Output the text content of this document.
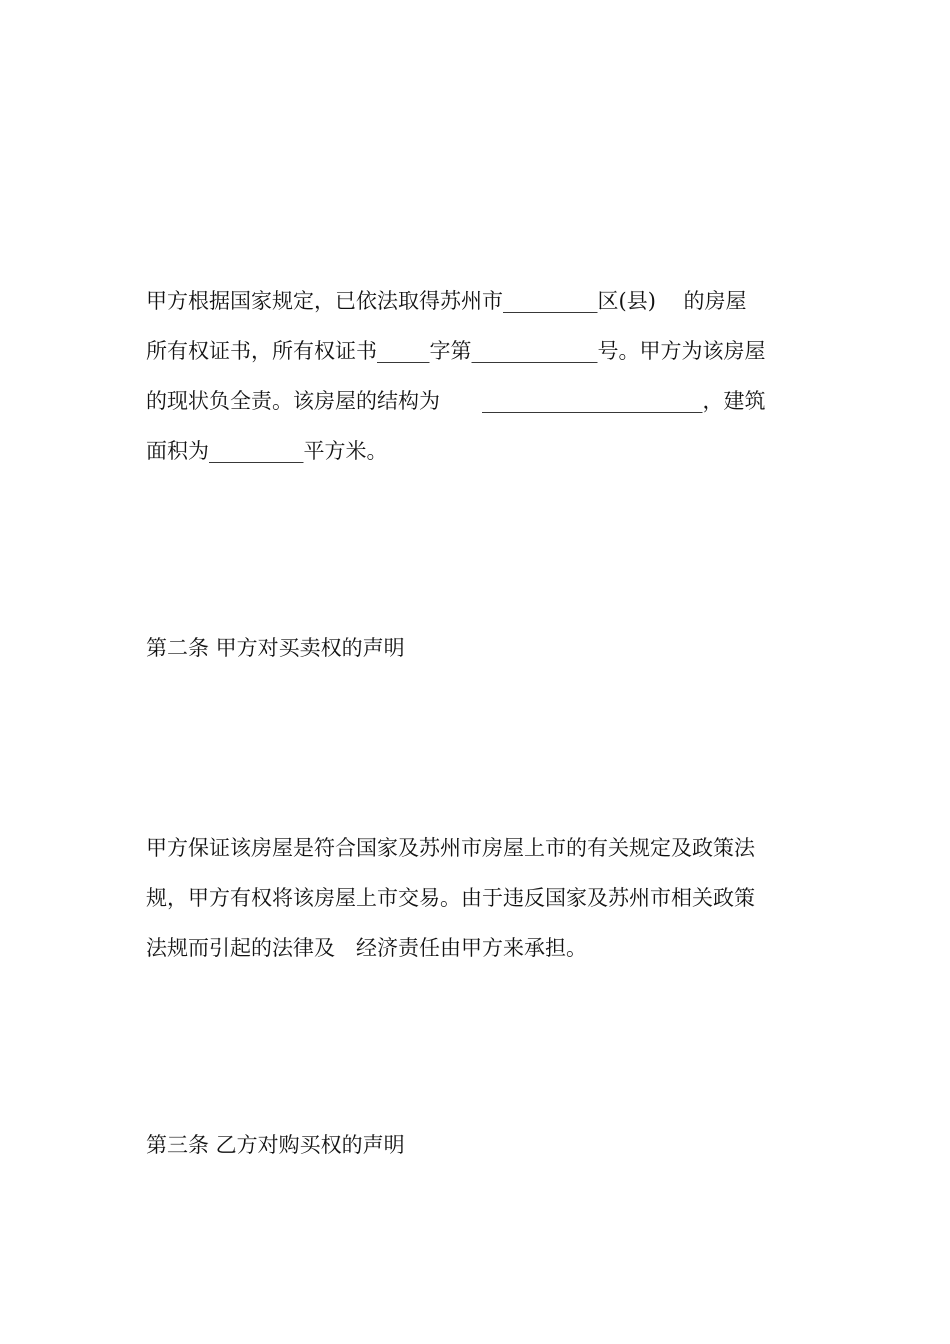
甲方根据国家规定，已依法取得苏州市_________区(县)　 的房屋
所有权证书，所有权证书_____字第____________号。甲方为该房屋
的现状负全责。该房屋的结构为　　_____________________，建筑
面积为_________平方米。
第二条 甲方对买卖权的声明
甲方保证该房屋是符合国家及苏州市房屋上市的有关规定及政策法
规，甲方有权将该房屋上市交易。由于违反国家及苏州市相关政策
法规而引起的法律及　经济责任由甲方来承担。
第三条 乙方对购买权的声明
